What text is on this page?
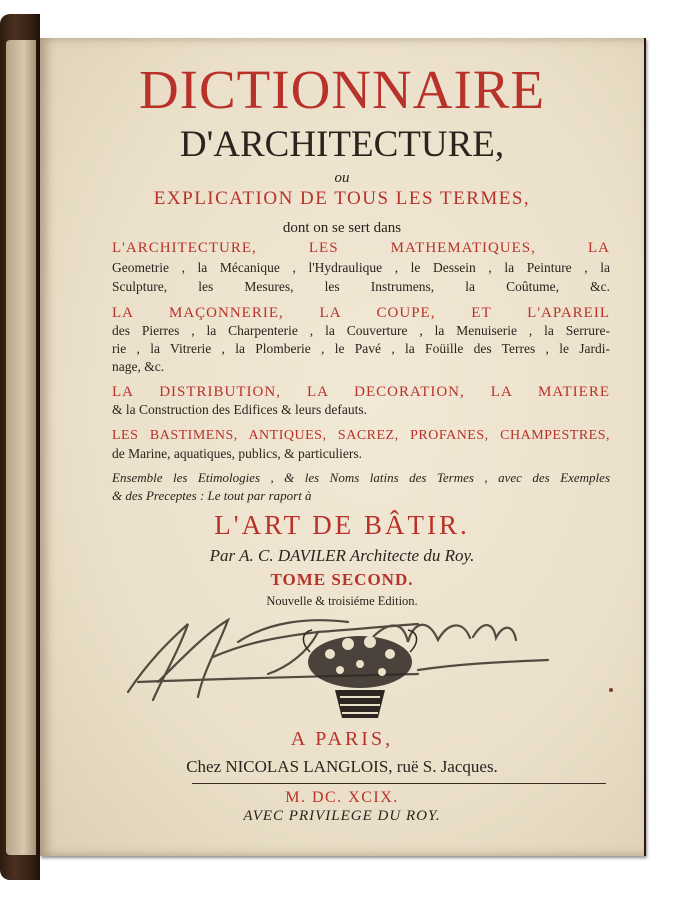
DICTIONNAIRE
D'ARCHITECTURE,
ou
EXPLICATION DE TOUS LES TERMES,
dont on se sert dans
L'ARCHITECTURE, LES MATHEMATIQUES, LA
Geometrie , la Mécanique , l'Hydraulique , le Dessein , la Peinture , la
Sculpture, les Mesures, les Instrumens, la Coûtume, &c.
LA MAÇONNERIE, LA COUPE, ET L'APAREIL
des Pierres , la Charpenterie , la Couverture , la Menuiserie , la Serrure-
rie , la Vitrerie , la Plomberie , le Pavé , la Foüille des Terres , le Jardi-
nage, &c.
LA DISTRIBUTION, LA DECORATION, LA MATIERE
& la Construction des Edifices & leurs defauts.
LES BASTIMENS, ANTIQUES, SACREZ, PROFANES, CHAMPESTRES,
de Marine, aquatiques, publics, & particuliers.
Ensemble les Etimologies , & les Noms latins des Termes , avec des Exemples
& des Preceptes : Le tout par raport à
L'ART DE BÂTIR.
Par A. C. DAVILER Architecte du Roy.
TOME SECOND.
Nouvelle & troisiéme Edition.
A PARIS,
Chez NICOLAS LANGLOIS, ruë S. Jacques.
M. DC. XCIX.
AVEC PRIVILEGE DU ROY.
